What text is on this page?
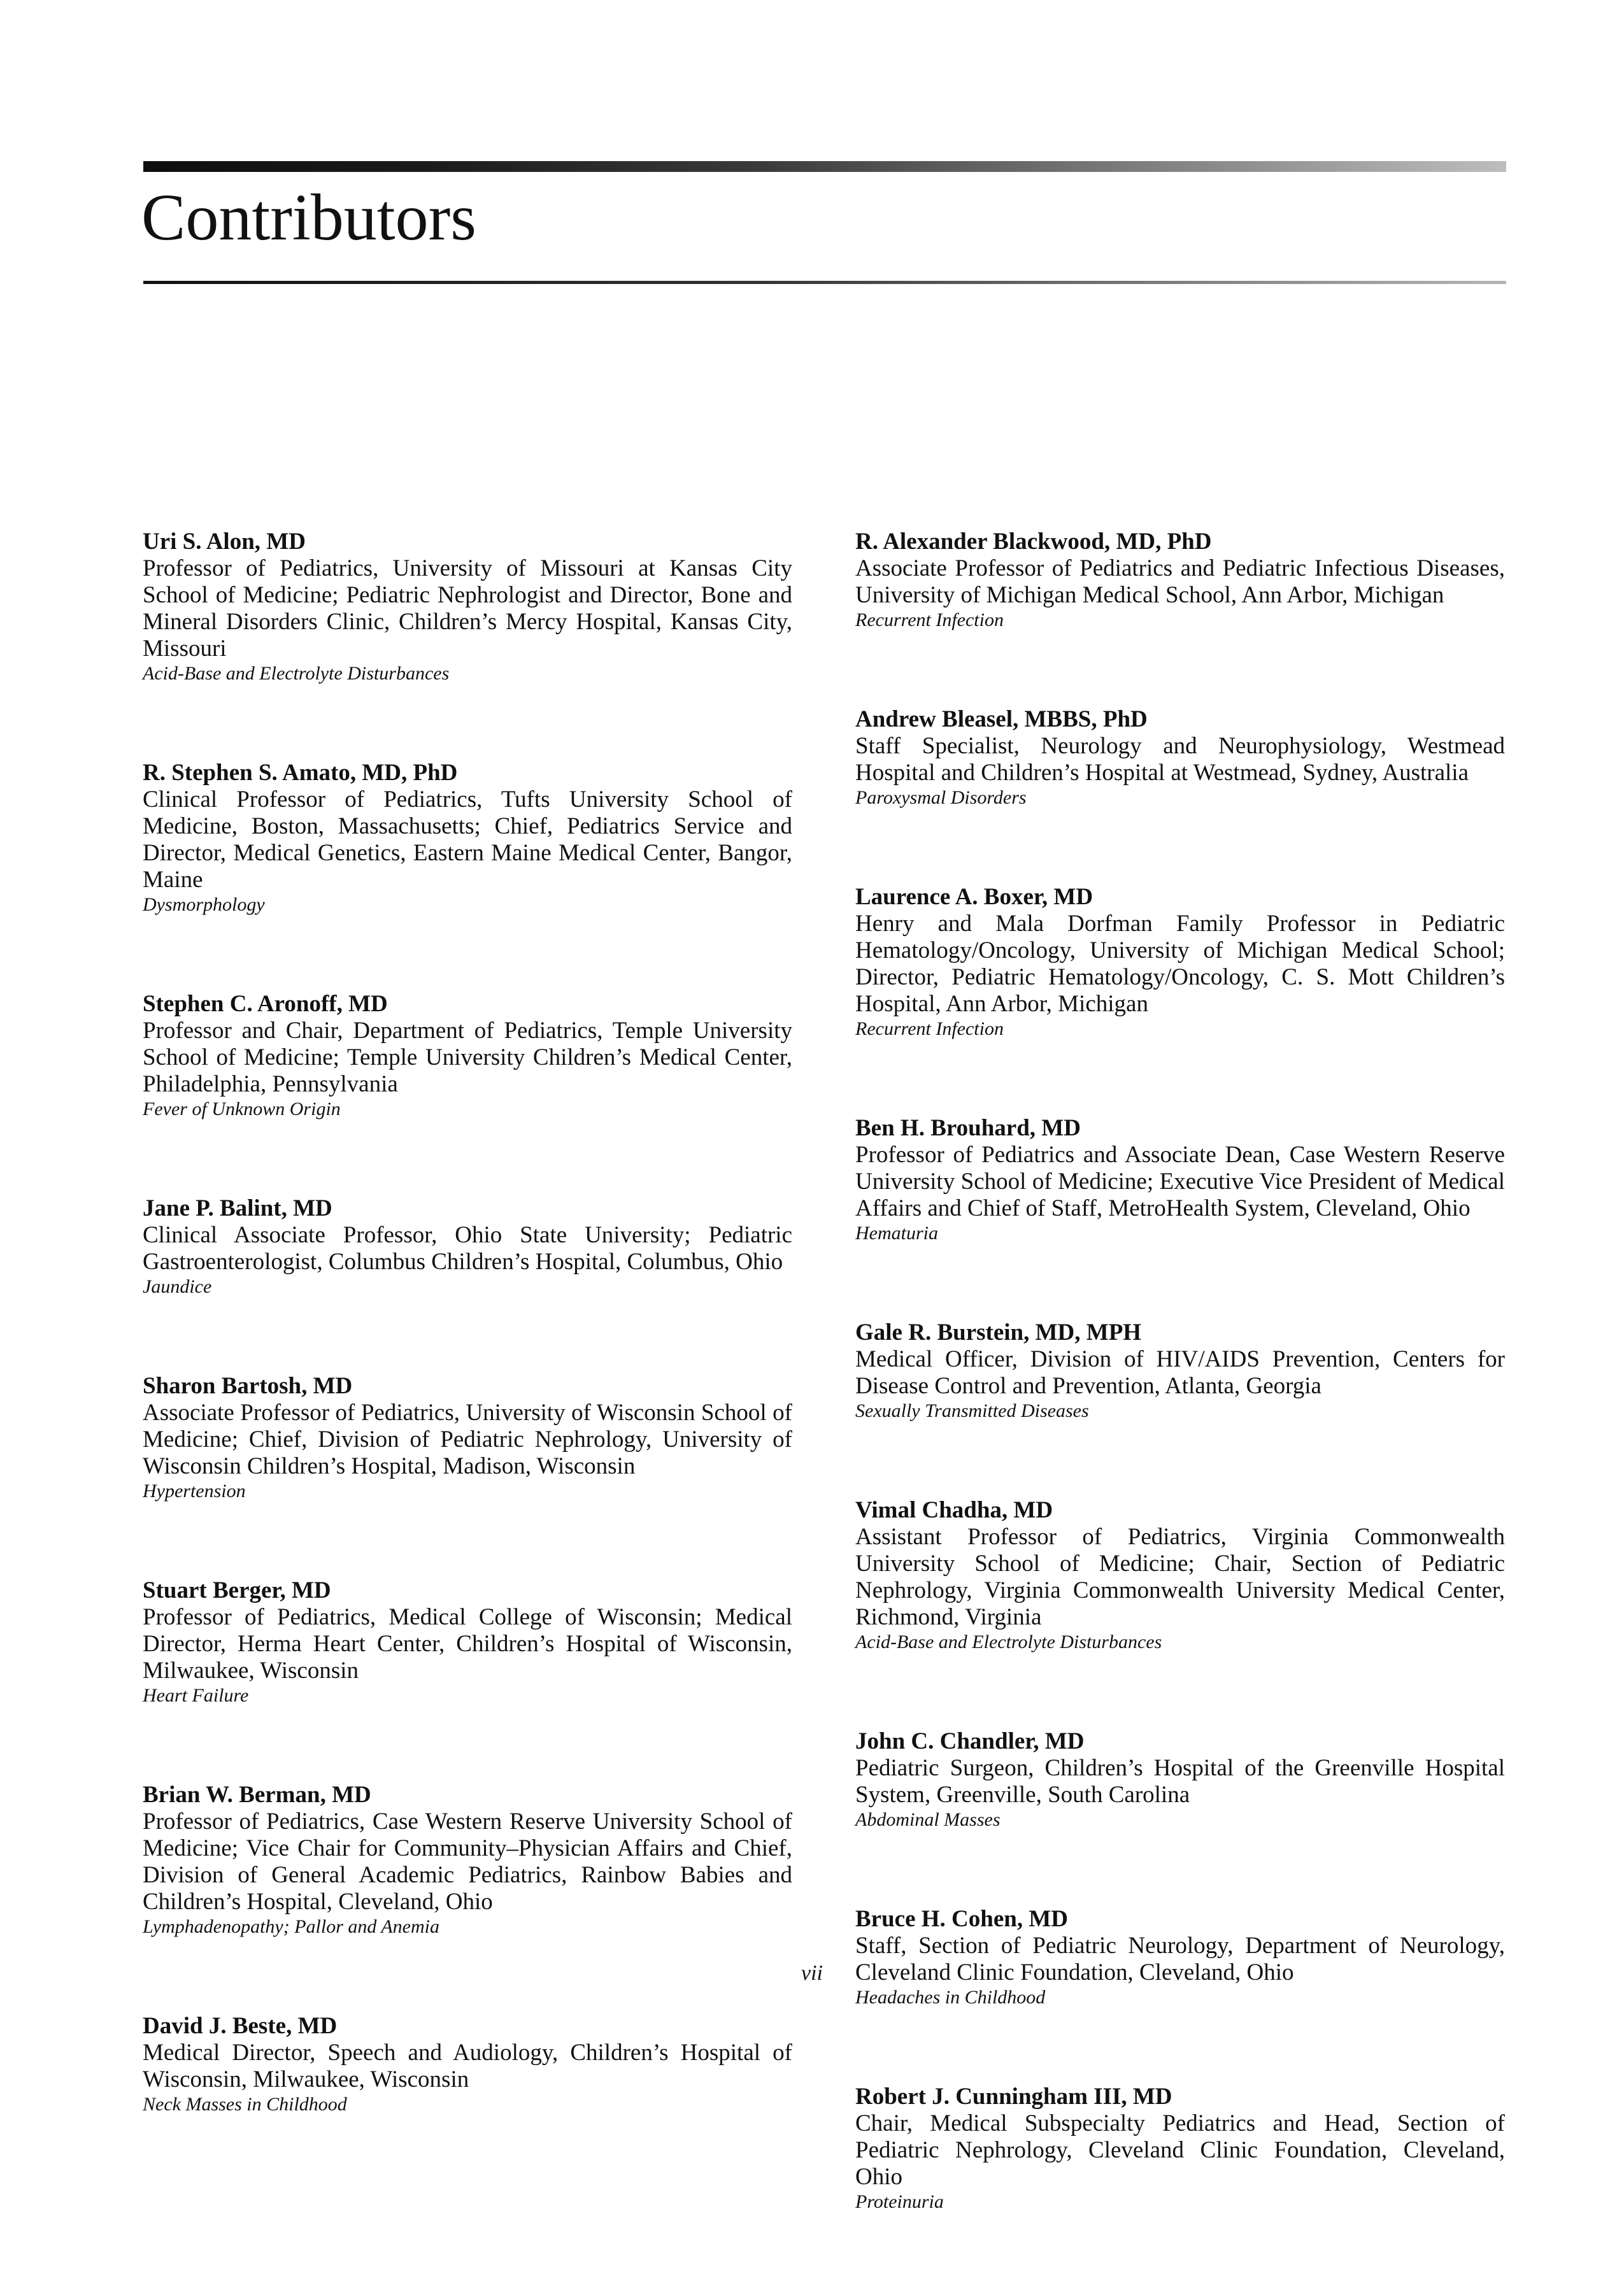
Contributors
Uri S. Alon, MD
Professor of Pediatrics, University of Missouri at Kansas City School of Medicine; Pediatric Nephrologist and Director, Bone and Mineral Disorders Clinic, Children’s Mercy Hospital, Kansas City, Missouri
Acid-Base and Electrolyte Disturbances
R. Stephen S. Amato, MD, PhD
Clinical Professor of Pediatrics, Tufts University School of Medicine, Boston, Massachusetts; Chief, Pediatrics Service and Director, Medical Genetics, Eastern Maine Medical Center, Bangor, Maine
Dysmorphology
Stephen C. Aronoff, MD
Professor and Chair, Department of Pediatrics, Temple University School of Medicine; Temple University Children’s Medical Center, Philadelphia, Pennsylvania
Fever of Unknown Origin
Jane P. Balint, MD
Clinical Associate Professor, Ohio State University; Pediatric Gastroenterologist, Columbus Children’s Hospital, Columbus, Ohio
Jaundice
Sharon Bartosh, MD
Associate Professor of Pediatrics, University of Wisconsin School of Medicine; Chief, Division of Pediatric Nephrology, University of Wisconsin Children’s Hospital, Madison, Wisconsin
Hypertension
Stuart Berger, MD
Professor of Pediatrics, Medical College of Wisconsin; Medical Director, Herma Heart Center, Children’s Hospital of Wisconsin, Milwaukee, Wisconsin
Heart Failure
Brian W. Berman, MD
Professor of Pediatrics, Case Western Reserve University School of Medicine; Vice Chair for Community–Physician Affairs and Chief, Division of General Academic Pediatrics, Rainbow Babies and Children’s Hospital, Cleveland, Ohio
Lymphadenopathy; Pallor and Anemia
David J. Beste, MD
Medical Director, Speech and Audiology, Children’s Hospital of Wisconsin, Milwaukee, Wisconsin
Neck Masses in Childhood
R. Alexander Blackwood, MD, PhD
Associate Professor of Pediatrics and Pediatric Infectious Diseases, University of Michigan Medical School, Ann Arbor, Michigan
Recurrent Infection
Andrew Bleasel, MBBS, PhD
Staff Specialist, Neurology and Neurophysiology, Westmead Hospital and Children’s Hospital at Westmead, Sydney, Australia
Paroxysmal Disorders
Laurence A. Boxer, MD
Henry and Mala Dorfman Family Professor in Pediatric Hematology/Oncology, University of Michigan Medical School; Director, Pediatric Hematology/Oncology, C. S. Mott Children’s Hospital, Ann Arbor, Michigan
Recurrent Infection
Ben H. Brouhard, MD
Professor of Pediatrics and Associate Dean, Case Western Reserve University School of Medicine; Executive Vice President of Medical Affairs and Chief of Staff, MetroHealth System, Cleveland, Ohio
Hematuria
Gale R. Burstein, MD, MPH
Medical Officer, Division of HIV/AIDS Prevention, Centers for Disease Control and Prevention, Atlanta, Georgia
Sexually Transmitted Diseases
Vimal Chadha, MD
Assistant Professor of Pediatrics, Virginia Commonwealth University School of Medicine; Chair, Section of Pediatric Nephrology, Virginia Commonwealth University Medical Center, Richmond, Virginia
Acid-Base and Electrolyte Disturbances
John C. Chandler, MD
Pediatric Surgeon, Children’s Hospital of the Greenville Hospital System, Greenville, South Carolina
Abdominal Masses
Bruce H. Cohen, MD
Staff, Section of Pediatric Neurology, Department of Neurology, Cleveland Clinic Foundation, Cleveland, Ohio
Headaches in Childhood
Robert J. Cunningham III, MD
Chair, Medical Subspecialty Pediatrics and Head, Section of Pediatric Nephrology, Cleveland Clinic Foundation, Cleveland, Ohio
Proteinuria
vii
